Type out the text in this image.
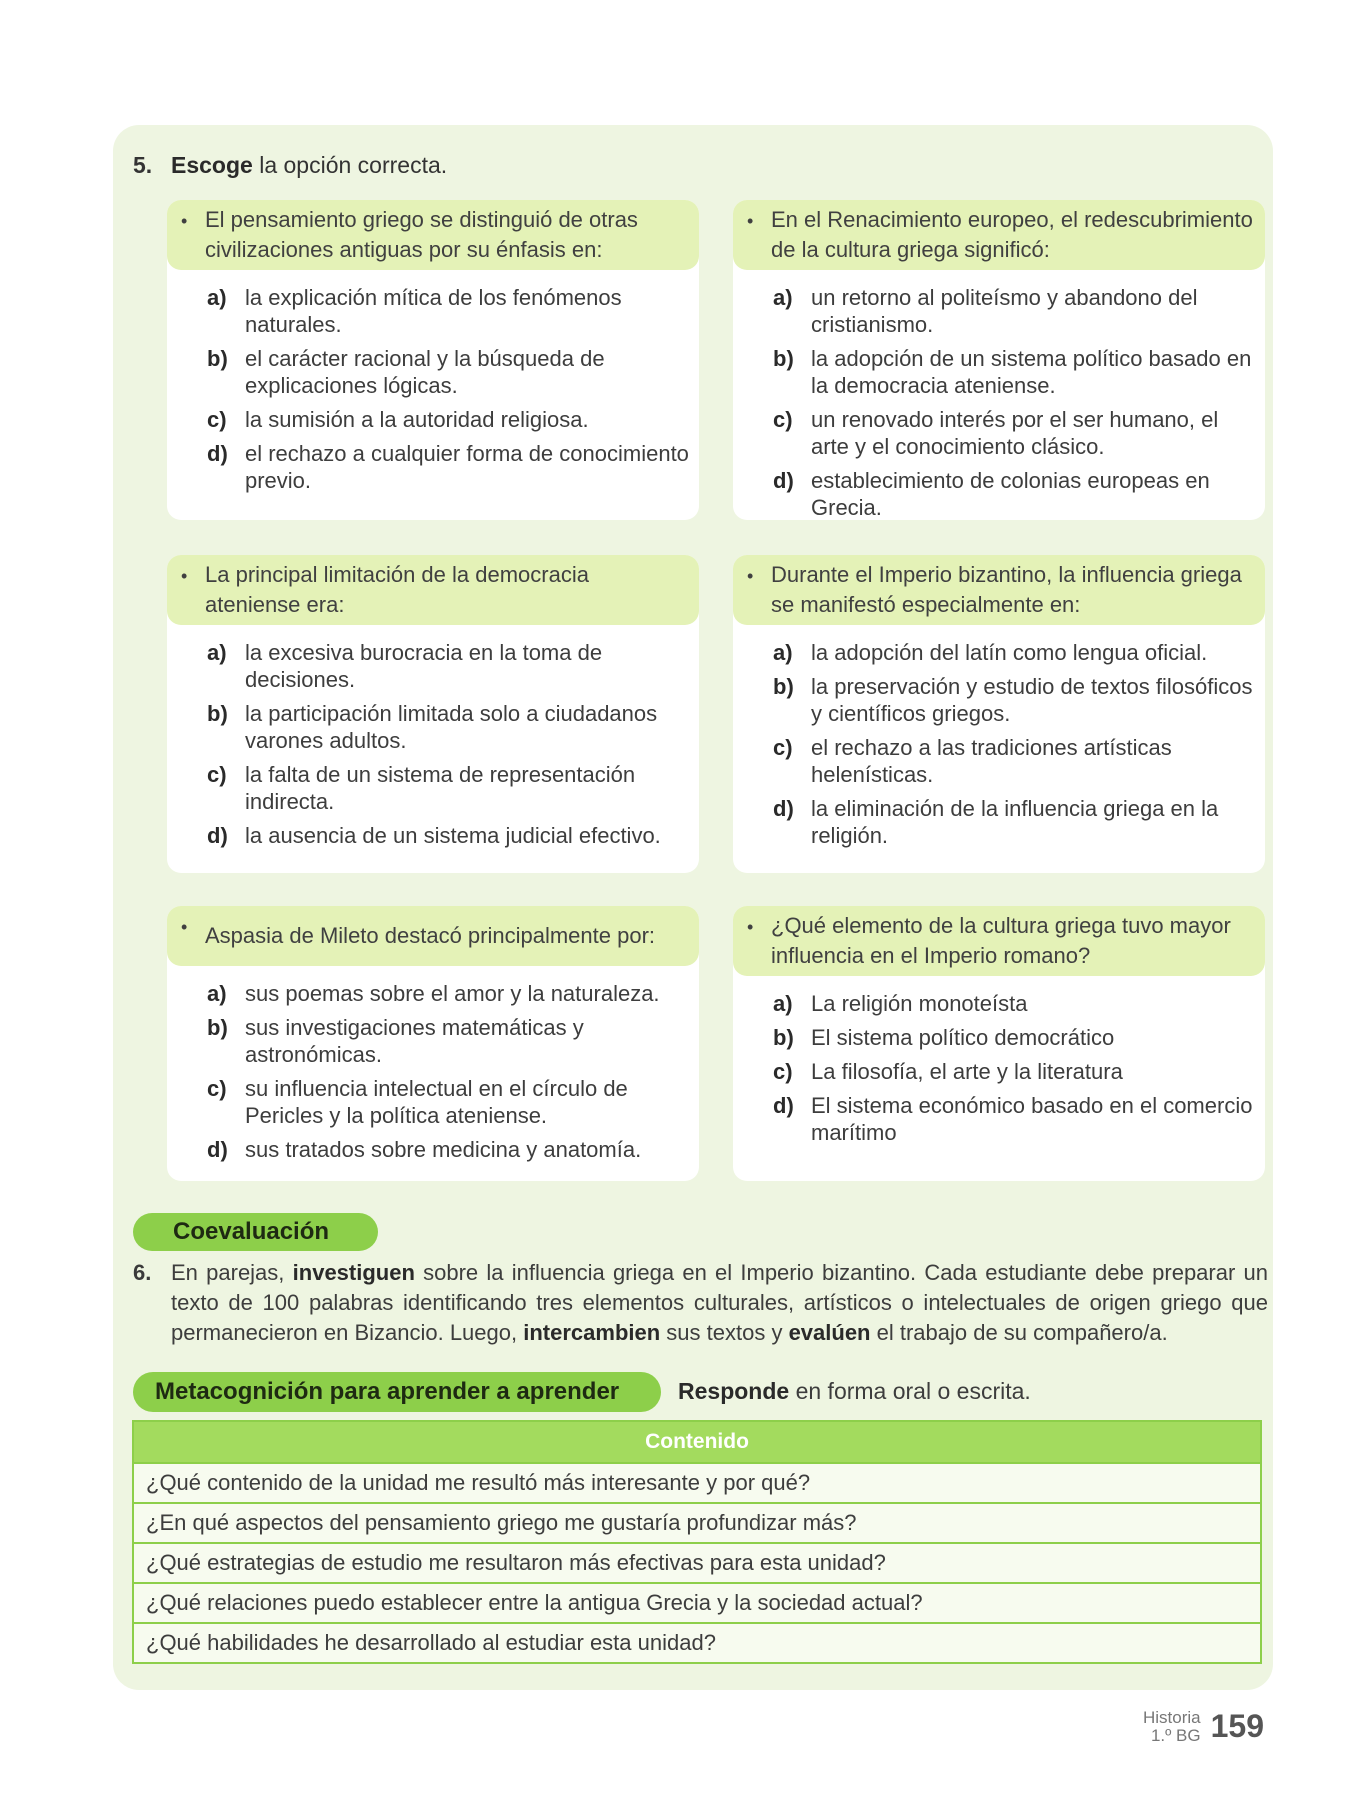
5. Escoge la opción correcta.
• El pensamiento griego se distinguió de otras civilizaciones antiguas por su énfasis en:
a) la explicación mítica de los fenómenos naturales.
b) el carácter racional y la búsqueda de explicaciones lógicas.
c) la sumisión a la autoridad religiosa.
d) el rechazo a cualquier forma de conocimiento previo.
• En el Renacimiento europeo, el redescubrimiento de la cultura griega significó:
a) un retorno al politeísmo y abandono del cristianismo.
b) la adopción de un sistema político basado en la democracia ateniense.
c) un renovado interés por el ser humano, el arte y el conocimiento clásico.
d) establecimiento de colonias europeas en Grecia.
• La principal limitación de la democracia ateniense era:
a) la excesiva burocracia en la toma de decisiones.
b) la participación limitada solo a ciudadanos varones adultos.
c) la falta de un sistema de representación indirecta.
d) la ausencia de un sistema judicial efectivo.
• Durante el Imperio bizantino, la influencia griega se manifestó especialmente en:
a) la adopción del latín como lengua oficial.
b) la preservación y estudio de textos filosóficos y científicos griegos.
c) el rechazo a las tradiciones artísticas helenísticas.
d) la eliminación de la influencia griega en la religión.
• Aspasia de Mileto destacó principalmente por:
a) sus poemas sobre el amor y la naturaleza.
b) sus investigaciones matemáticas y astronómicas.
c) su influencia intelectual en el círculo de Pericles y la política ateniense.
d) sus tratados sobre medicina y anatomía.
• ¿Qué elemento de la cultura griega tuvo mayor influencia en el Imperio romano?
a) La religión monoteísta
b) El sistema político democrático
c) La filosofía, el arte y la literatura
d) El sistema económico basado en el comercio marítimo
Coevaluación
6. En parejas, investiguen sobre la influencia griega en el Imperio bizantino. Cada estudiante debe preparar un texto de 100 palabras identificando tres elementos culturales, artísticos o intelectuales de origen griego que permanecieron en Bizancio. Luego, intercambien sus textos y evalúen el trabajo de su compañero/a.
Metacognición para aprender a aprender	Responde en forma oral o escrita.
Contenido
¿Qué contenido de la unidad me resultó más interesante y por qué?
¿En qué aspectos del pensamiento griego me gustaría profundizar más?
¿Qué estrategias de estudio me resultaron más efectivas para esta unidad?
¿Qué relaciones puedo establecer entre la antigua Grecia y la sociedad actual?
¿Qué habilidades he desarrollado al estudiar esta unidad?
Historia
1.º BG 159
